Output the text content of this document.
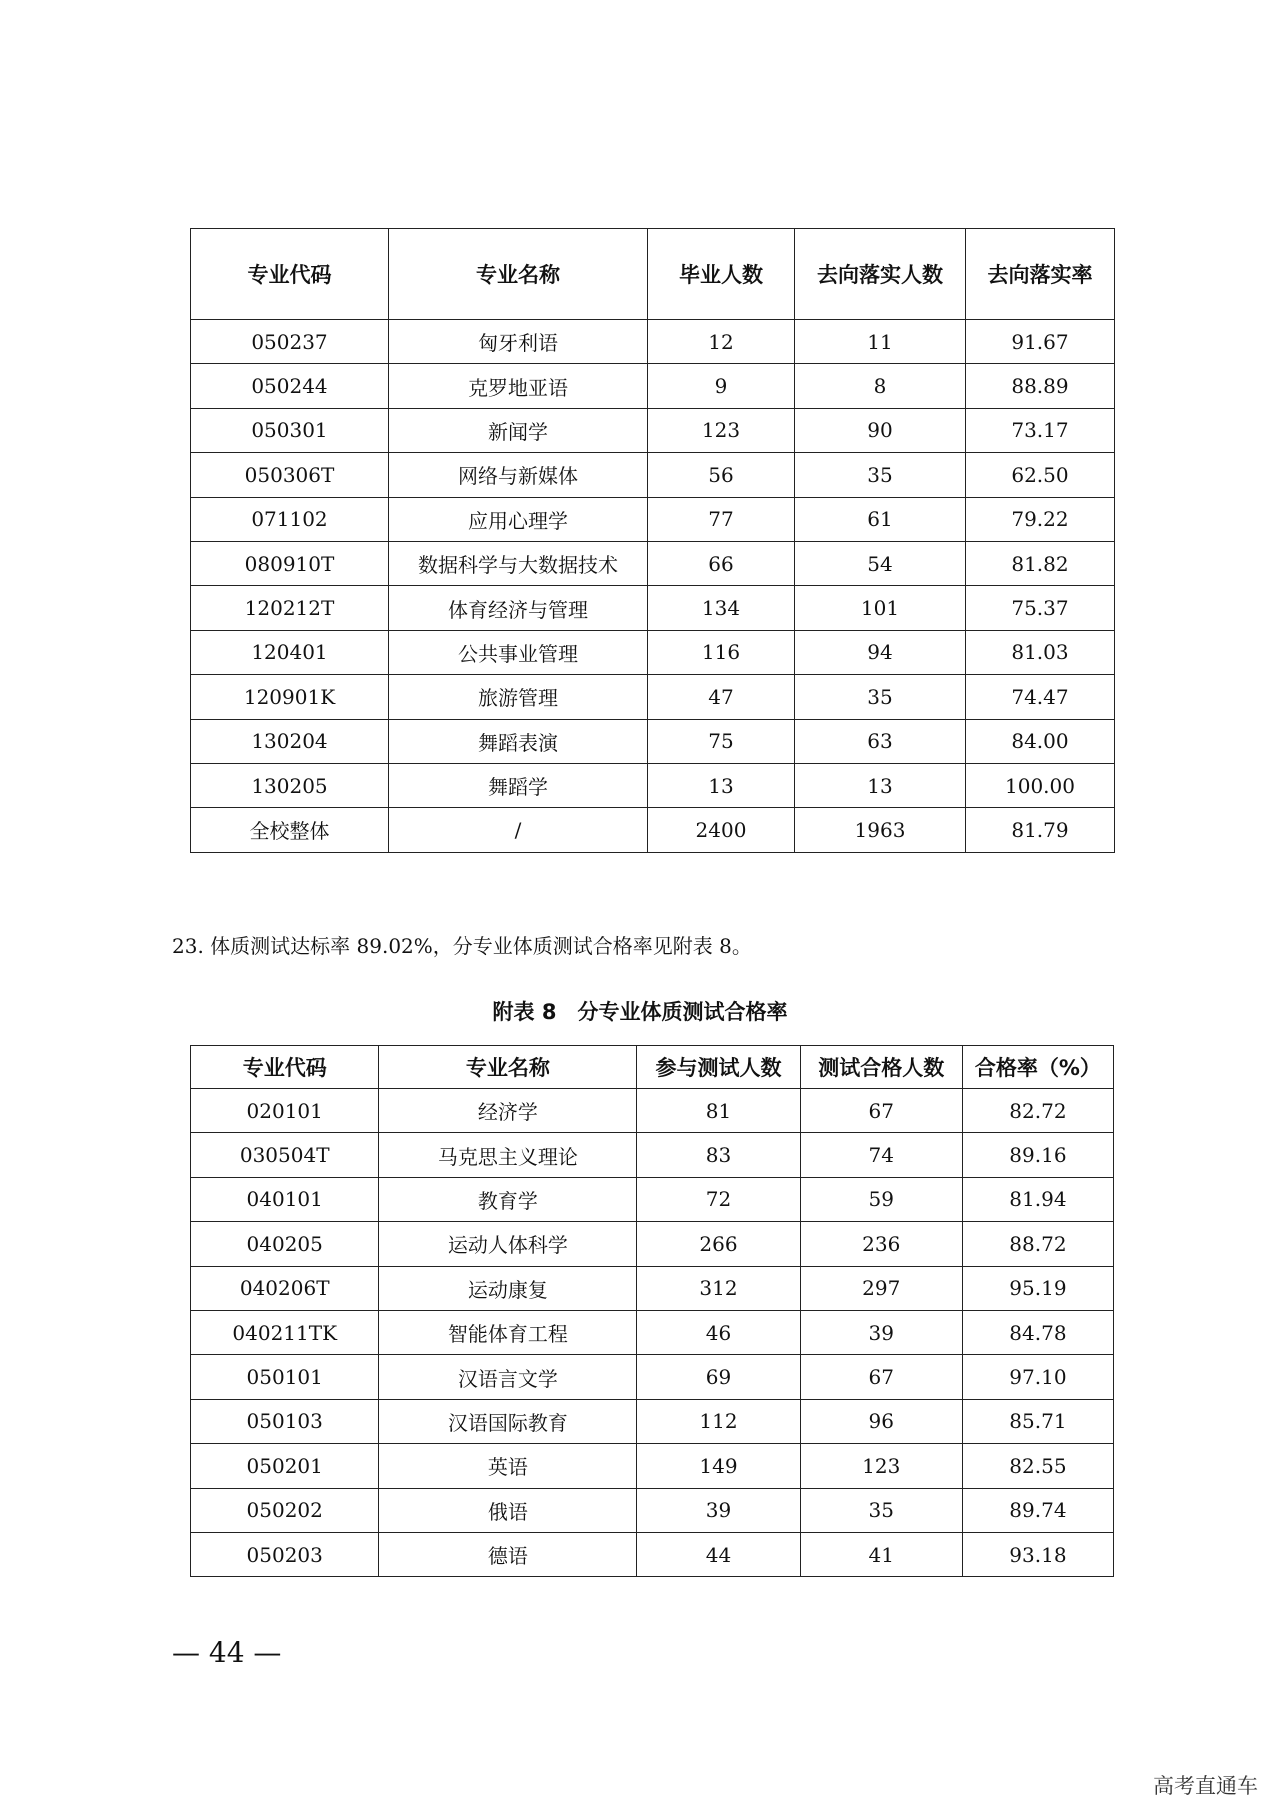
专业代码	专业名称	毕业人数	去向落实人数	去向落实率
050237	匈牙利语	12	11	91.67
050244	克罗地亚语	9	8	88.89
050301	新闻学	123	90	73.17
050306T	网络与新媒体	56	35	62.50
071102	应用心理学	77	61	79.22
080910T	数据科学与大数据技术	66	54	81.82
120212T	体育经济与管理	134	101	75.37
120401	公共事业管理	116	94	81.03
120901K	旅游管理	47	35	74.47
130204	舞蹈表演	75	63	84.00
130205	舞蹈学	13	13	100.00
全校整体	/	2400	1963	81.79
23. 体质测试达标率 89.02%，分专业体质测试合格率见附表 8。
附表 8　分专业体质测试合格率
专业代码	专业名称	参与测试人数	测试合格人数	合格率（%）
020101	经济学	81	67	82.72
030504T	马克思主义理论	83	74	89.16
040101	教育学	72	59	81.94
040205	运动人体科学	266	236	88.72
040206T	运动康复	312	297	95.19
040211TK	智能体育工程	46	39	84.78
050101	汉语言文学	69	67	97.10
050103	汉语国际教育	112	96	85.71
050201	英语	149	123	82.55
050202	俄语	39	35	89.74
050203	德语	44	41	93.18
— 44 —
高考直通车
